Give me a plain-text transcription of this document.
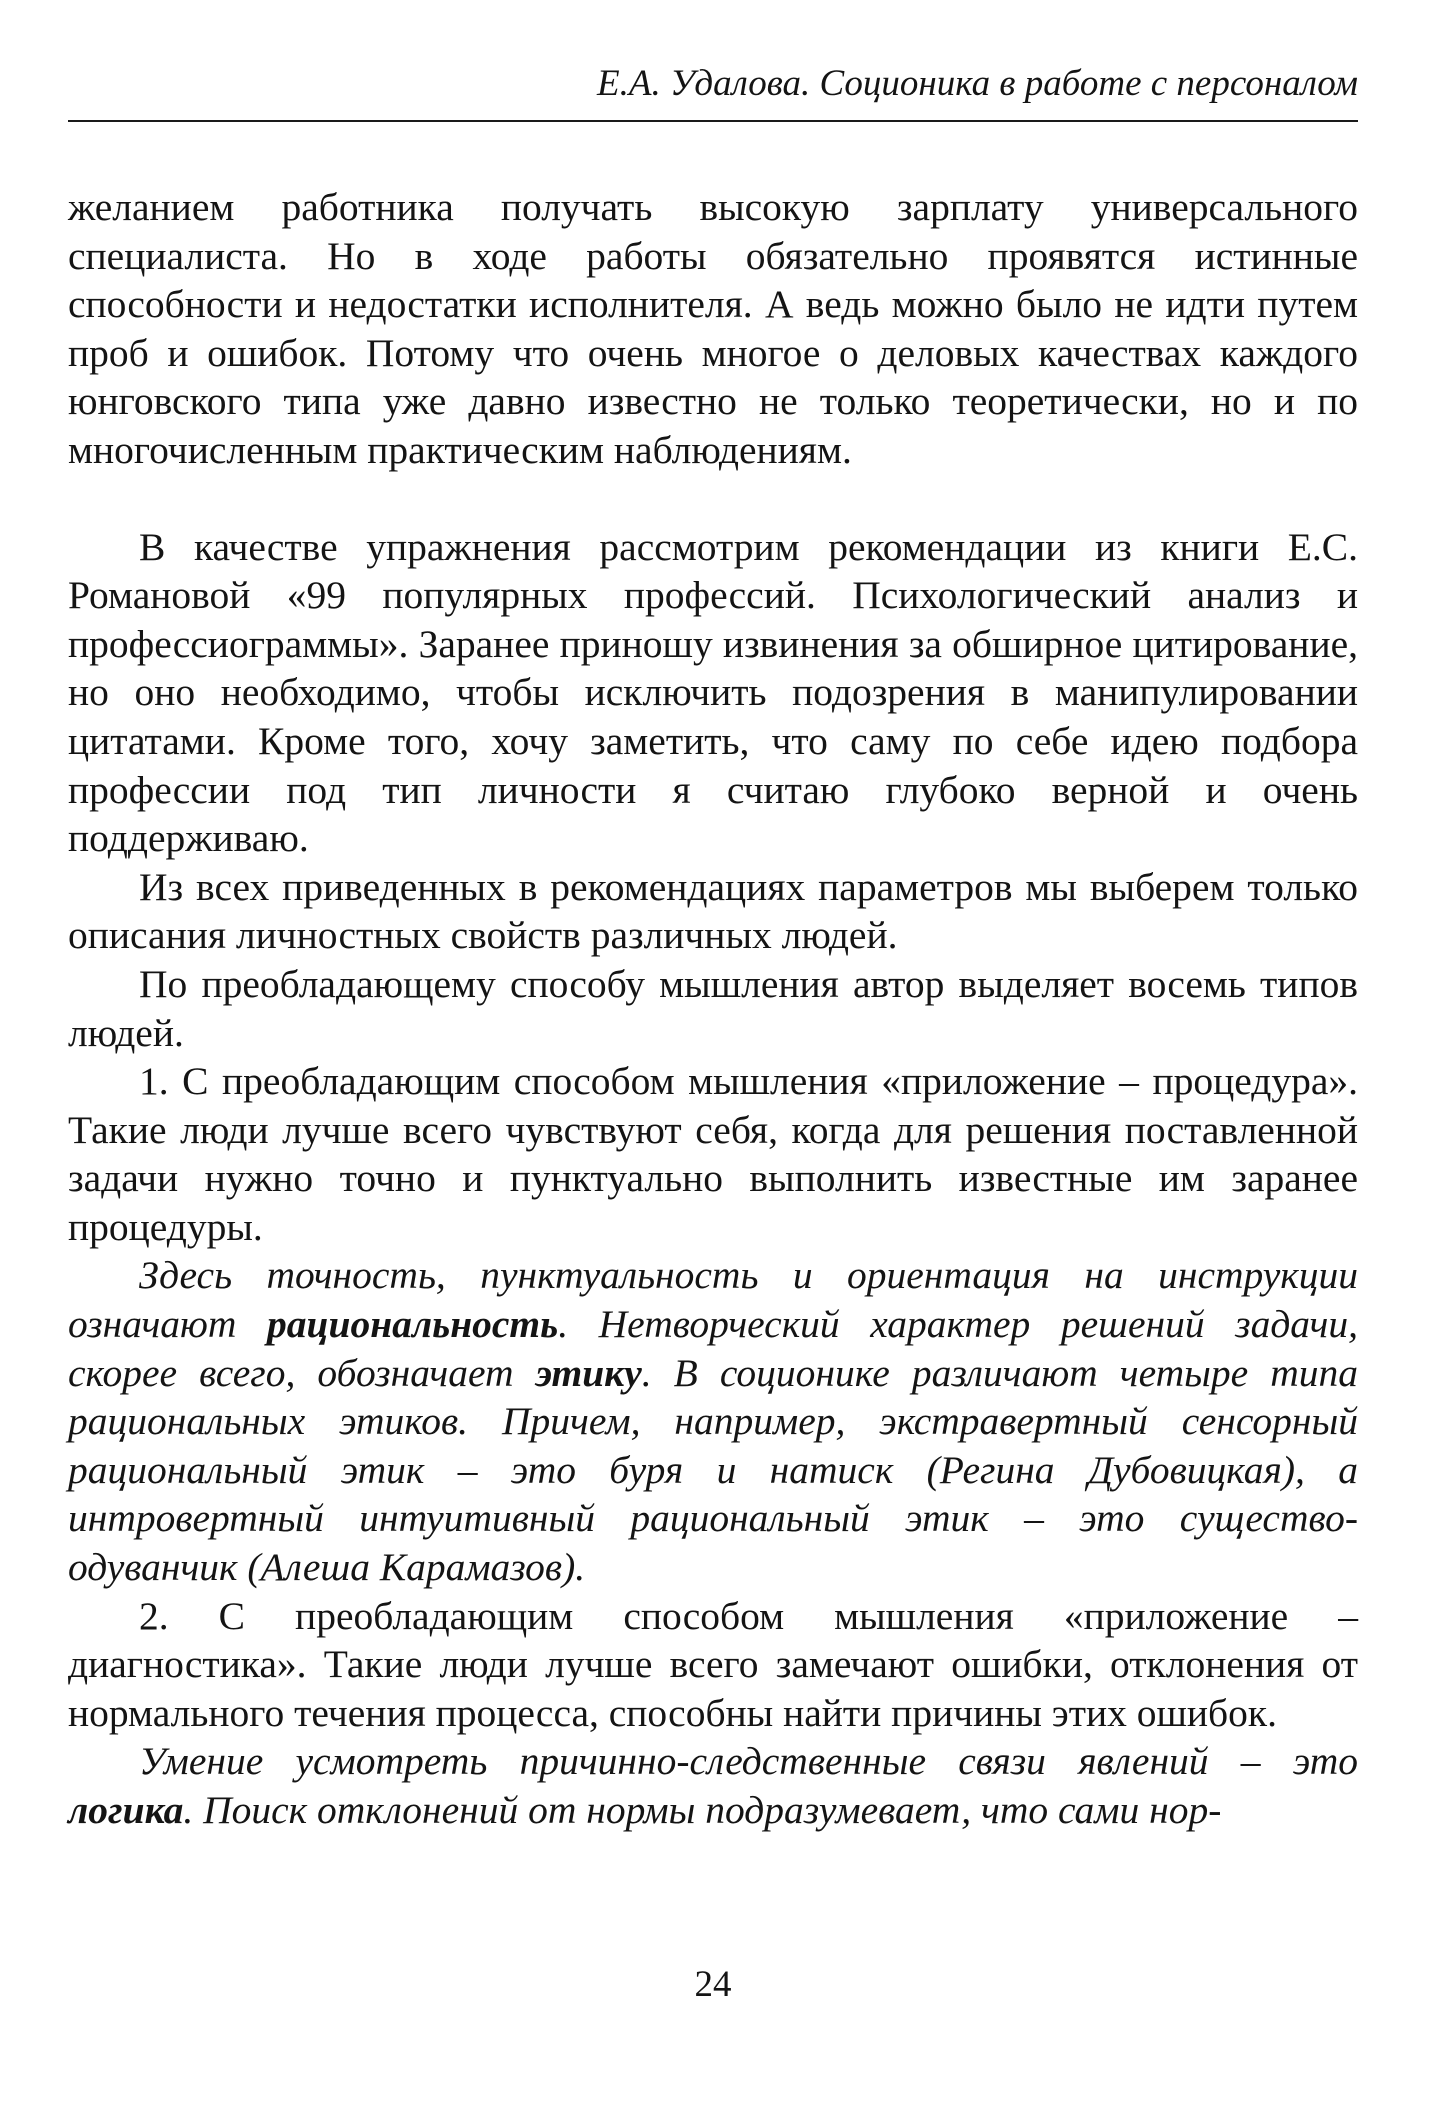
Е.А. Удалова. Соционика в работе с персоналом

желанием работника получать высокую зарплату универсального специалиста. Но в ходе работы обязательно проявятся истинные способности и недостатки исполнителя. А ведь можно было не идти путем проб и ошибок. Потому что очень многое о деловых качествах каждого юнговского типа уже давно известно не только теоретически, но и по многочисленным практическим наблюдениям.

В качестве упражнения рассмотрим рекомендации из книги Е.С. Романовой «99 популярных профессий. Психологический анализ и профессиограммы». Заранее приношу извинения за обширное цитирование, но оно необходимо, чтобы исключить подозрения в манипулировании цитатами. Кроме того, хочу заметить, что саму по себе идею подбора профессии под тип личности я считаю глубоко верной и очень поддерживаю.

Из всех приведенных в рекомендациях параметров мы выберем только описания личностных свойств различных людей.

По преобладающему способу мышления автор выделяет восемь типов людей.

1. С преобладающим способом мышления «приложение – процедура». Такие люди лучше всего чувствуют себя, когда для решения поставленной задачи нужно точно и пунктуально выполнить известные им заранее процедуры.

Здесь точность, пунктуальность и ориентация на инструкции означают рациональность. Нетворческий характер решений задачи, скорее всего, обозначает этику. В соционике различают четыре типа рациональных этиков. Причем, например, экстравертный сенсорный рациональный этик – это буря и натиск (Регина Дубовицкая), а интровертный интуитивный рациональный этик – это существо-одуванчик (Алеша Карамазов).

2. С преобладающим способом мышления «приложение – диагностика». Такие люди лучше всего замечают ошибки, отклонения от нормального течения процесса, способны найти причины этих ошибок.

Умение усмотреть причинно-следственные связи явлений – это логика. Поиск отклонений от нормы подразумевает, что сами нор-

24
